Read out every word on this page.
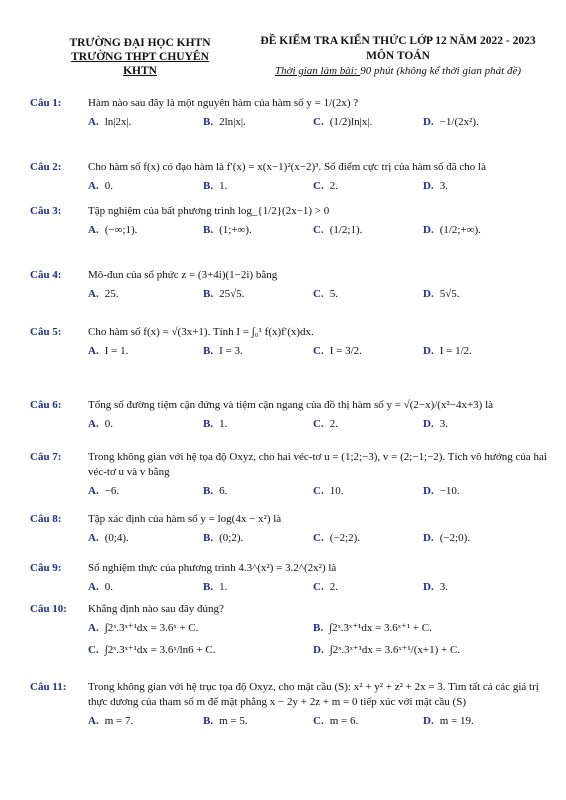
TRƯỜNG ĐẠI HỌC KHTN
TRƯỜNG THPT CHUYÊN KHTN
ĐỀ KIỂM TRA KIẾN THỨC LỚP 12 NĂM 2022 - 2023
MÔN TOÁN
Thời gian làm bài: 90 phút (không kể thời gian phát đề)
Câu 1: Hàm nào sau đây là một nguyên hàm của hàm số y = 1/(2x) ?
A. ln|2x|.	B. 2ln|x|.	C. (1/2)ln|x|.	D. −1/(2x²).
Câu 2: Cho hàm số f(x) có đạo hàm là f′(x) = x(x−1)²(x−2)³. Số điểm cực trị của hàm số đã cho là
A. 0.	B. 1.	C. 2.	D. 3.
Câu 3: Tập nghiệm của bất phương trình log_{1/2}(2x−1) > 0
A. (−∞;1).	B. (1;+∞).	C. (1/2;1).	D. (1/2;+∞).
Câu 4: Mô-đun của số phức z = (3+4i)(1−2i) bằng
A. 25.	B. 25√5.	C. 5.	D. 5√5.
Câu 5: Cho hàm số f(x) = √(3x+1). Tính I = ∫₀¹ f(x)f′(x)dx.
A. I = 1.	B. I = 3.	C. I = 3/2.	D. I = 1/2.
Câu 6: Tổng số đường tiệm cận đứng và tiệm cận ngang của đồ thị hàm số y = √(2−x)/(x²−4x+3) là
A. 0.	B. 1.	C. 2.	D. 3.
Câu 7: Trong không gian với hệ tọa độ Oxyz, cho hai véc-tơ u = (1;2;−3), v = (2;−1;−2). Tích vô hướng của hai véc-tơ u và v bằng
A. −6.	B. 6.	C. 10.	D. −10.
Câu 8: Tập xác định của hàm số y = log(4x − x²) là
A. (0;4).	B. (0;2).	C. (−2;2).	D. (−2;0).
Câu 9: Số nghiệm thực của phương trình 4.3^(x²) = 3.2^(2x²) là
A. 0.	B. 1.	C. 2.	D. 3.
Câu 10: Khẳng định nào sau đây đúng?
A. ∫2ˣ.3ˣ⁺¹dx = 3.6ˣ + C.	B. ∫2ˣ.3ˣ⁺¹dx = 3.6ˣ⁺¹ + C.
C. ∫2ˣ.3ˣ⁺¹dx = 3.6ˣ/ln6 + C.	D. ∫2ˣ.3ˣ⁺¹dx = 3.6ˣ⁺¹/(x+1) + C.
Câu 11: Trong không gian với hệ trục tọa độ Oxyz, cho mặt cầu (S): x² + y² + z² + 2x = 3. Tìm tất cả các giá trị thực dương của tham số m để mặt phẳng x − 2y + 2z + m = 0 tiếp xúc với mặt cầu (S)
A. m = 7.	B. m = 5.	C. m = 6.	D. m = 19.
